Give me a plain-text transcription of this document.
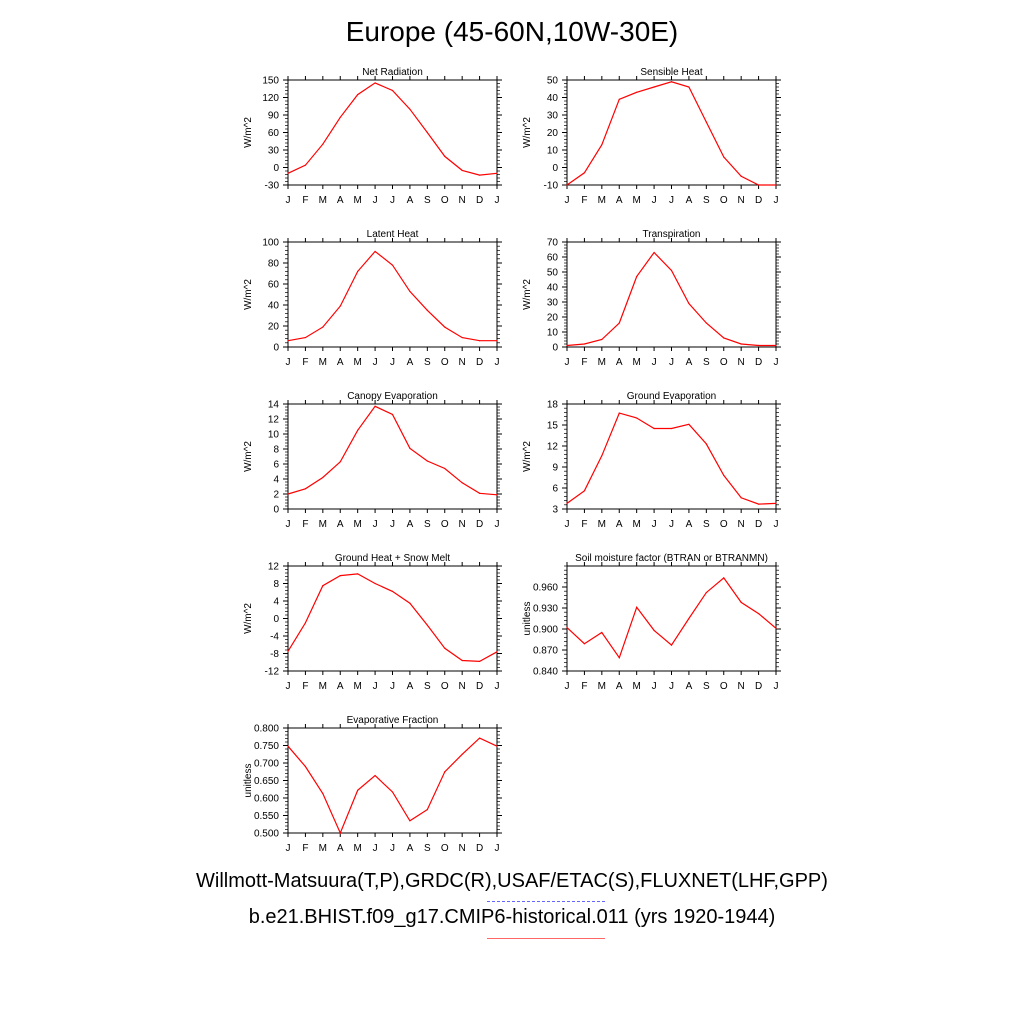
Europe (45-60N,10W-30E)
Net Radiation
W/m^2
-30
0
30
60
90
120
150
J F M A M J J A S O N D J
Sensible Heat
W/m^2
-10
0
10
20
30
40
50
J F M A M J J A S O N D J
Latent Heat
W/m^2
0
20
40
60
80
100
J F M A M J J A S O N D J
Transpiration
W/m^2
0
10
20
30
40
50
60
70
J F M A M J J A S O N D J
Canopy Evaporation
W/m^2
0
2
4
6
8
10
12
14
J F M A M J J A S O N D J
Ground Evaporation
W/m^2
3
6
9
12
15
18
J F M A M J J A S O N D J
Ground Heat + Snow Melt
W/m^2
-12
-8
-4
0
4
8
12
J F M A M J J A S O N D J
Soil moisture factor (BTRAN or BTRANMN)
unitless
0.840
0.870
0.900
0.930
0.960
J F M A M J J A S O N D J
Evaporative Fraction
unitless
0.500
0.550
0.600
0.650
0.700
0.750
0.800
J F M A M J J A S O N D J
Willmott-Matsuura(T,P),GRDC(R),USAF/ETAC(S),FLUXNET(LHF,GPP)
b.e21.BHIST.f09_g17.CMIP6-historical.011 (yrs 1920-1944)
